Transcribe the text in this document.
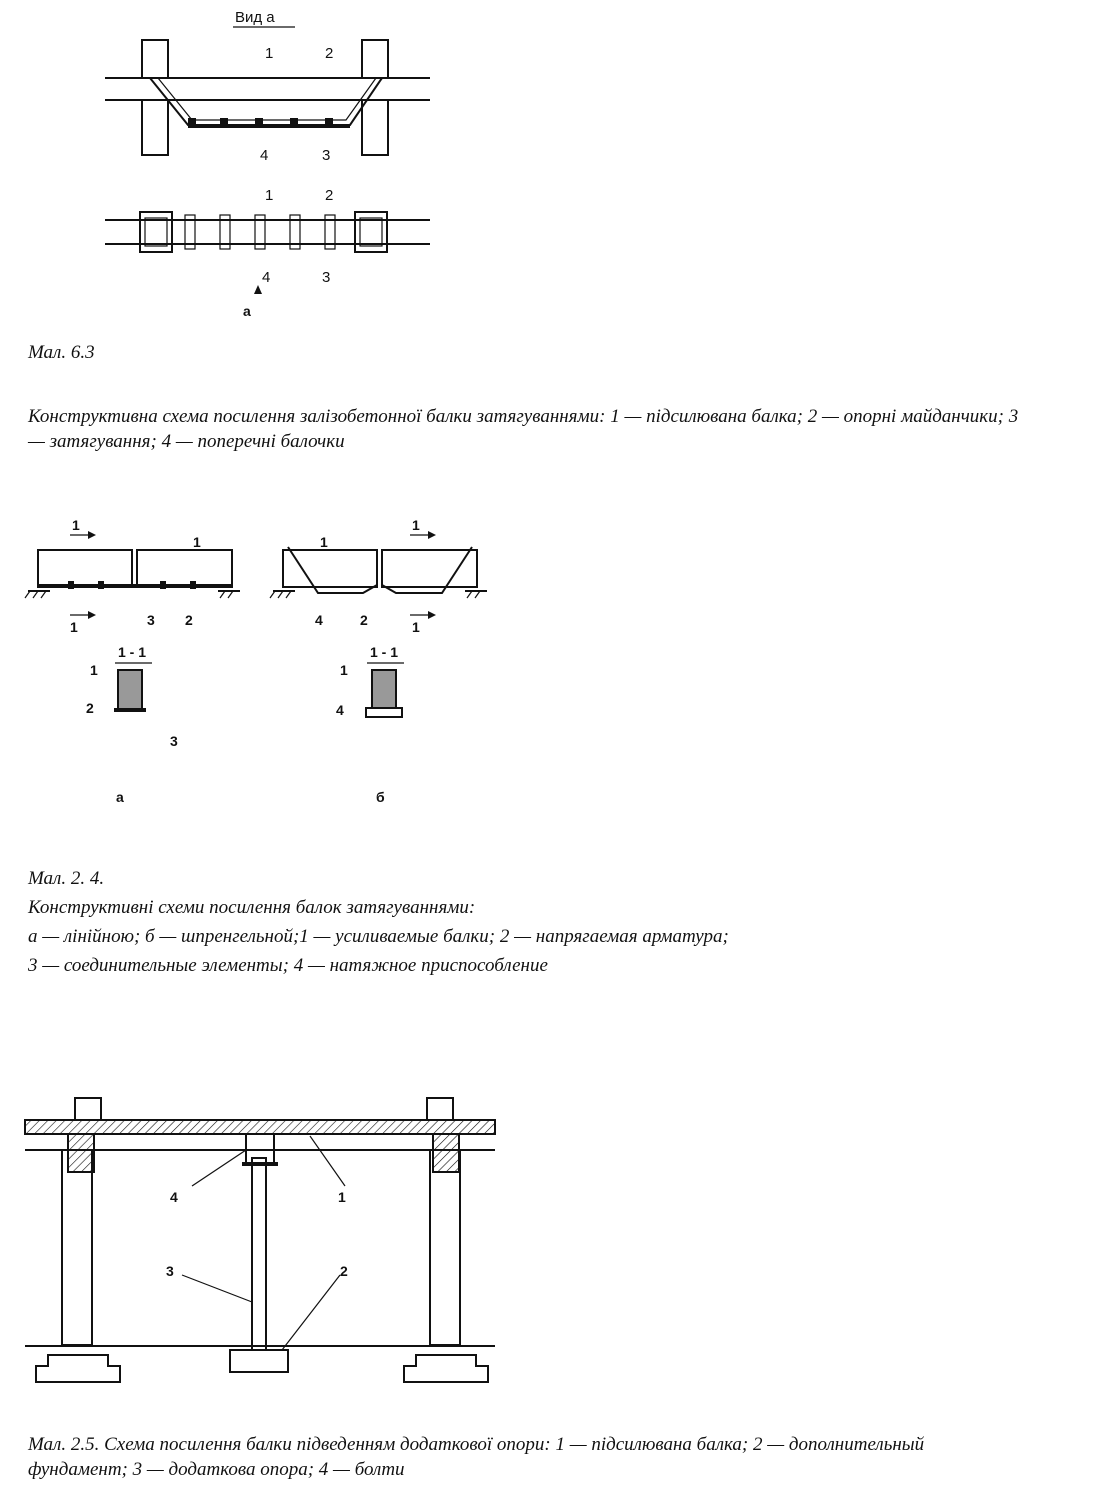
Вид а
1	2
4	3
1	2
4	3
а

Мал. 6.3

Конструктивна схема посилення залізобетонної балки затягуваннями: 1 — підсилювана балка; 2 — опорні майданчики; 3 — затягування; 4 — поперечні балочки

1
1
1
3 2
1 - 1
1
2
3
а
1
1
1
4	2
1 - 1
1
4
б

Мал. 2. 4.

Конструктивні схеми посилення балок затягуваннями:

а — лінійною; б — шпренгельной;1 — усиливаемые балки; 2 — напрягаемая арматура;

3 — соединительные элементы; 4 — натяжное приспособление

4	1
3	2

Мал. 2.5. Схема посилення балки підведенням додаткової опори: 1 — підсилювана балка; 2 — дополнительный фундамент; 3 — додаткова опора; 4 — болти
